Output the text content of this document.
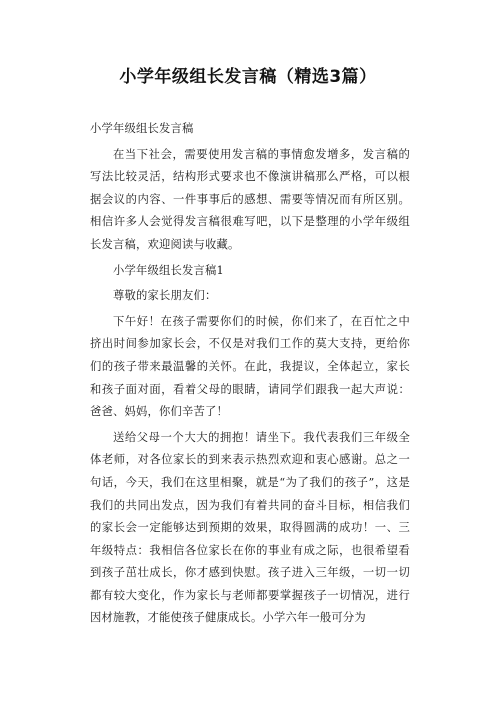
小学年级组长发言稿（精选3篇）

小学年级组长发言稿

在当下社会，需要使用发言稿的事情愈发增多，发言稿的写法比较灵活，结构形式要求也不像演讲稿那么严格，可以根据会议的内容、一件事事后的感想、需要等情况而有所区别。相信许多人会觉得发言稿很难写吧，以下是整理的小学年级组长发言稿，欢迎阅读与收藏。

小学年级组长发言稿1

尊敬的家长朋友们：

下午好！在孩子需要你们的时候，你们来了，在百忙之中挤出时间参加家长会，不仅是对我们工作的莫大支持，更给你们的孩子带来最温馨的关怀。在此，我提议，全体起立，家长和孩子面对面，看着父母的眼睛，请同学们跟我一起大声说：爸爸、妈妈，你们辛苦了！

送给父母一个大大的拥抱！请坐下。我代表我们三年级全体老师，对各位家长的到来表示热烈欢迎和衷心感谢。总之一句话，今天，我们在这里相聚，就是“为了我们的孩子”，这是我们的共同出发点，因为我们有着共同的奋斗目标，相信我们的家长会一定能够达到预期的效果，取得圆满的成功！一、三年级特点：我相信各位家长在你的事业有成之际，也很希望看到孩子茁壮成长，你才感到快慰。孩子进入三年级，一切一切都有较大变化，作为家长与老师都要掌握孩子一切情况，进行因材施教，才能使孩子健康成长。小学六年一般可分为
